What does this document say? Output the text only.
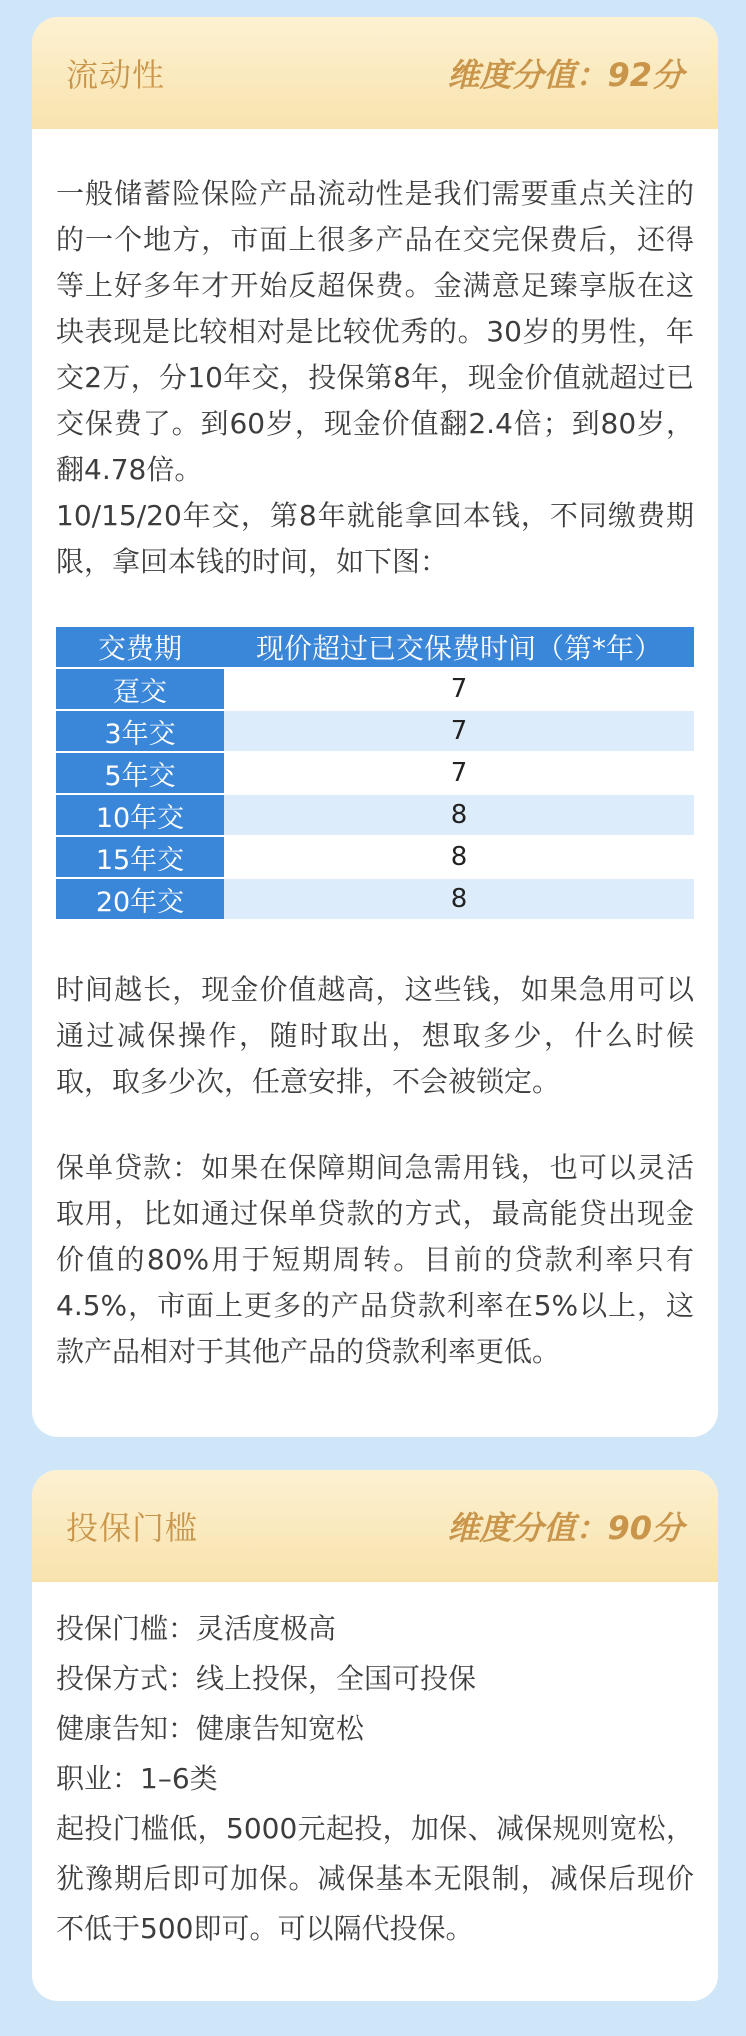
流动性	维度分值：92分
一般储蓄险保险产品流动性是我们需要重点关注的的一个地方，市面上很多产品在交完保费后，还得等上好多年才开始反超保费。金满意足臻享版在这块表现是比较相对是比较优秀的。30岁的男性，年交2万，分10年交，投保第8年，现金价值就超过已交保费了。到60岁，现金价值翻2.4倍；到80岁，翻4.78倍。
10/15/20年交，第8年就能拿回本钱，不同缴费期限，拿回本钱的时间，如下图：
交费期	现价超过已交保费时间（第*年）
趸交	7
3年交	7
5年交	7
10年交	8
15年交	8
20年交	8
时间越长，现金价值越高，这些钱，如果急用可以通过减保操作，随时取出，想取多少，什么时候取，取多少次，任意安排，不会被锁定。
保单贷款：如果在保障期间急需用钱，也可以灵活取用，比如通过保单贷款的方式，最高能贷出现金价值的80%用于短期周转。目前的贷款利率只有4.5%，市面上更多的产品贷款利率在5%以上，这款产品相对于其他产品的贷款利率更低。
投保门槛	维度分值：90分
投保门槛：灵活度极高
投保方式：线上投保，全国可投保
健康告知：健康告知宽松
职业：1–6类
起投门槛低，5000元起投，加保、减保规则宽松，犹豫期后即可加保。减保基本无限制，减保后现价不低于500即可。可以隔代投保。
